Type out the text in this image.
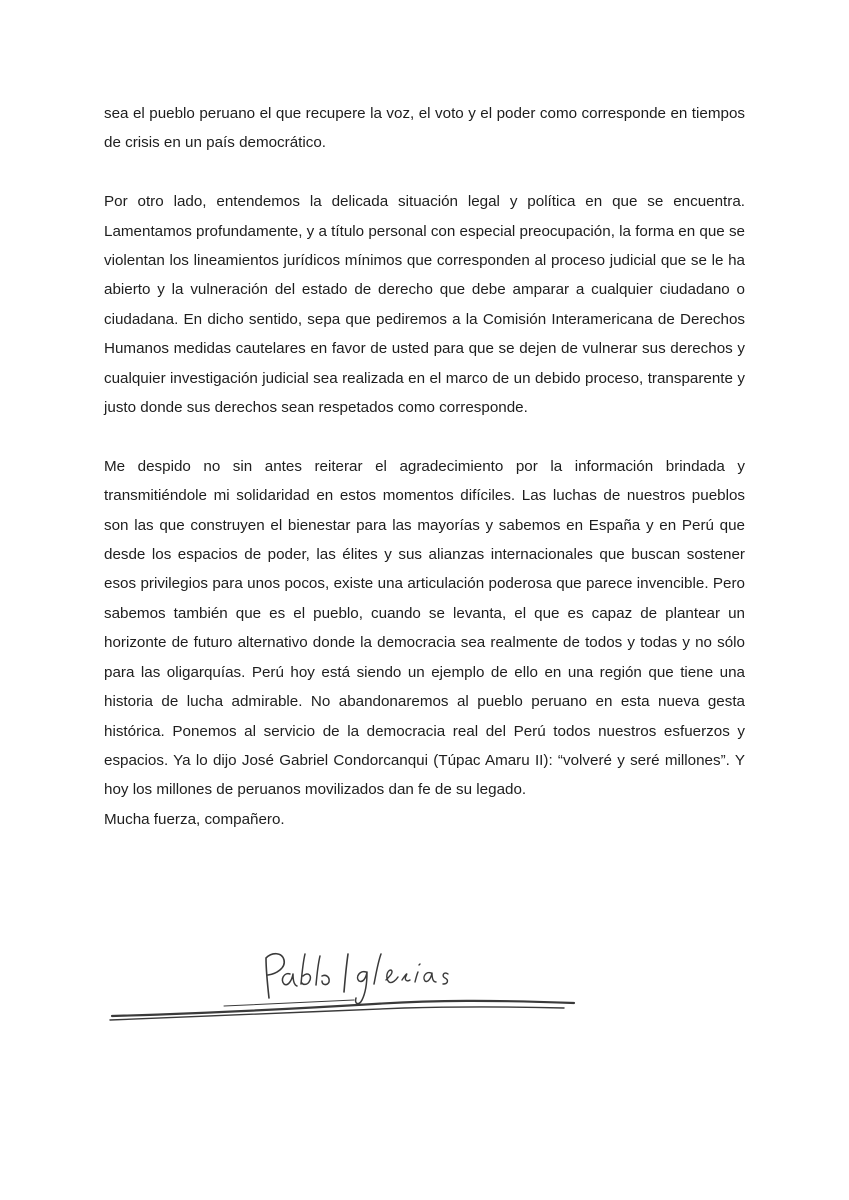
sea el pueblo peruano el que recupere la voz, el voto y el poder como corresponde en tiempos de crisis en un país democrático.

Por otro lado, entendemos la delicada situación legal y política en que se encuentra. Lamentamos profundamente, y a título personal con especial preocupación, la forma en que se violentan los lineamientos jurídicos mínimos que corresponden al proceso judicial que se le ha abierto y la vulneración del estado de derecho que debe amparar a cualquier ciudadano o ciudadana. En dicho sentido, sepa que pediremos a la Comisión Interamericana de Derechos Humanos medidas cautelares en favor de usted para que se dejen de vulnerar sus derechos y cualquier investigación judicial sea realizada en el marco de un debido proceso, transparente y justo donde sus derechos sean respetados como corresponde.

Me despido no sin antes reiterar el agradecimiento por la información brindada y transmitiéndole mi solidaridad en estos momentos difíciles. Las luchas de nuestros pueblos son las que construyen el bienestar para las mayorías y sabemos en España y en Perú que desde los espacios de poder, las élites y sus alianzas internacionales que buscan sostener esos privilegios para unos pocos, existe una articulación poderosa que parece invencible. Pero sabemos también que es el pueblo, cuando se levanta, el que es capaz de plantear un horizonte de futuro alternativo donde la democracia sea realmente de todos y todas y no sólo para las oligarquías. Perú hoy está siendo un ejemplo de ello en una región que tiene una historia de lucha admirable. No abandonaremos al pueblo peruano en esta nueva gesta histórica. Ponemos al servicio de la democracia real del Perú todos nuestros esfuerzos y espacios. Ya lo dijo José Gabriel Condorcanqui (Túpac Amaru II): “volveré y seré millones”. Y hoy los millones de peruanos movilizados dan fe de su legado.

Mucha fuerza, compañero.
